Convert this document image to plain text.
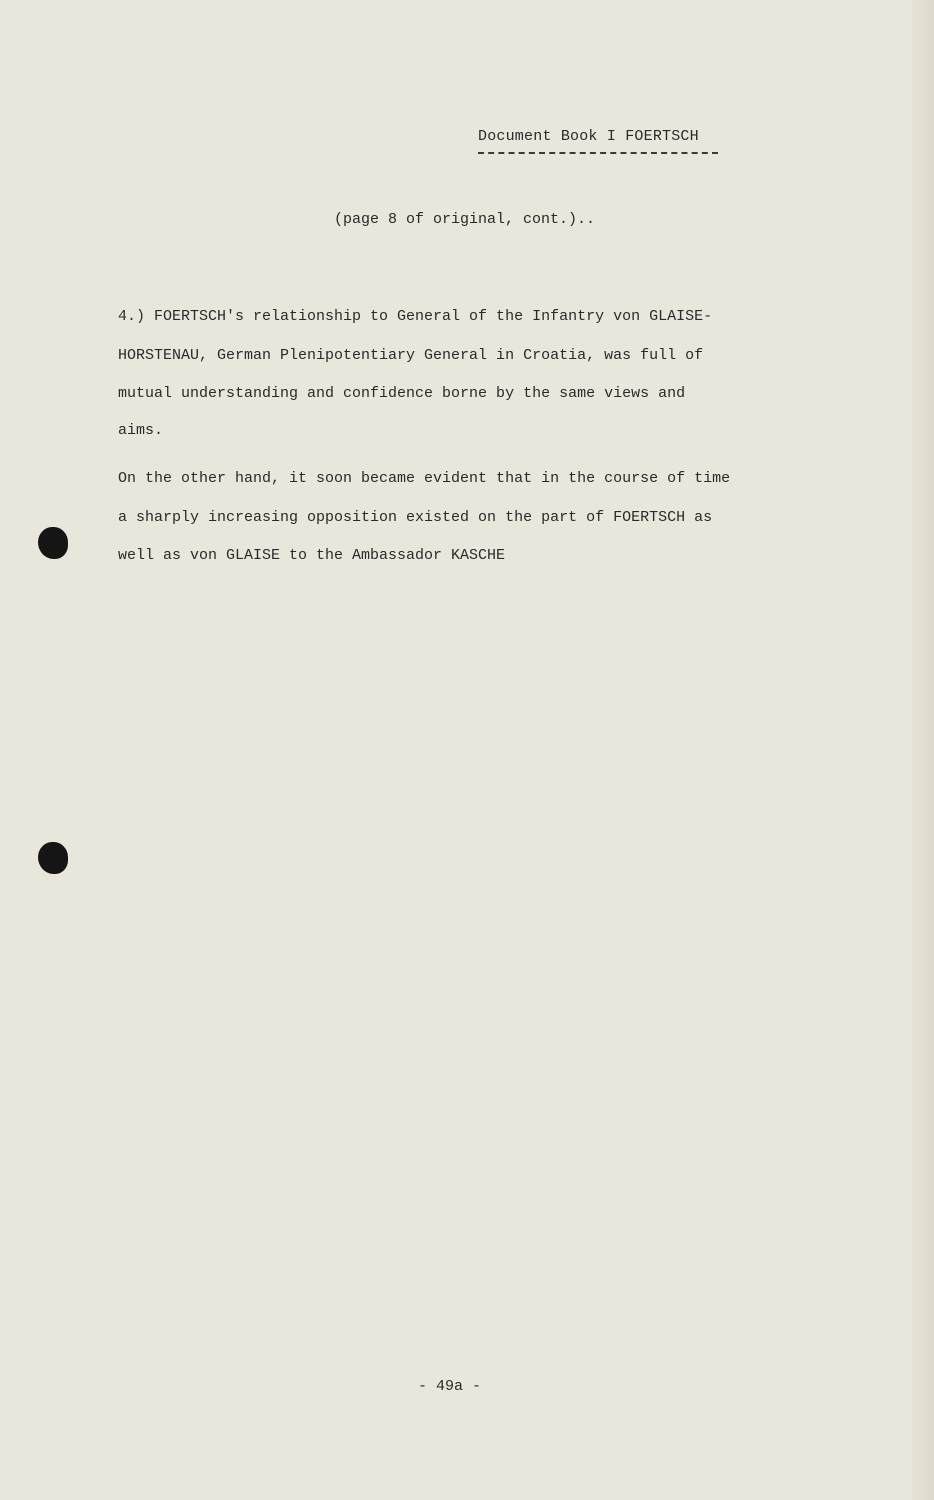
Document Book I FOERTSCH
(page 8 of original, cont.)..
4.) FOERTSCH's relationship to General of the Infantry von GLAISE-
HORSTENAU, German Plenipotentiary General in Croatia, was full of
mutual understanding and confidence borne by the same views and
aims.
On the other hand, it soon became evident that in the course of time
a sharply increasing opposition existed on the part of FOERTSCH as
well as von GLAISE to the Ambassador KASCHE
- 49a -
